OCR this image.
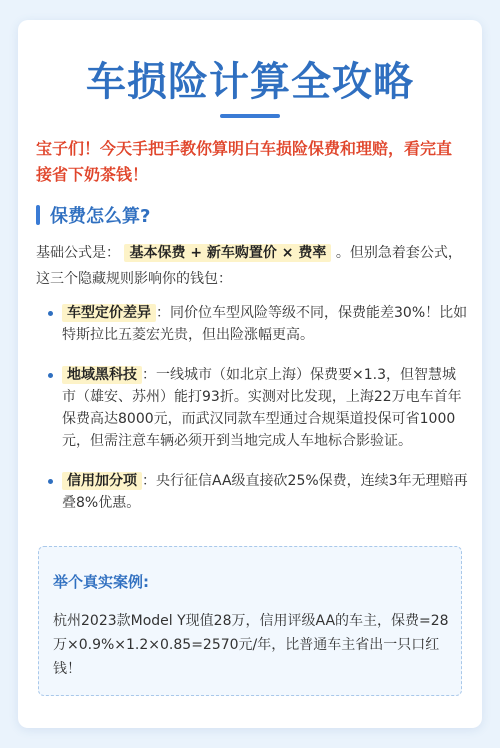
车损险计算全攻略

宝子们！今天手把手教你算明白车损险保费和理赔，看完直接省下奶茶钱！

保费怎么算?

基础公式是： 基本保费 + 新车购置价 × 费率 。但别急着套公式，这三个隐藏规则影响你的钱包：

车型定价差异 ：同价位车型风险等级不同，保费能差30%！比如特斯拉比五菱宏光贵，但出险涨幅更高。
地域黑科技 ：一线城市（如北京上海）保费要×1.3，但智慧城市（雄安、苏州）能打93折。实测对比发现，上海22万电车首年保费高达8000元，而武汉同款车型通过合规渠道投保可省1000元，但需注意车辆必须开到当地完成人车地标合影验证。
信用加分项 ：央行征信AA级直接砍25%保费，连续3年无理赔再叠8%优惠。
举个真实案例:
杭州2023款Model Y现值28万，信用评级AA的车主，保费=28万×0.9%×1.2×0.85=2570元/年，比普通车主省出一只口红钱！
